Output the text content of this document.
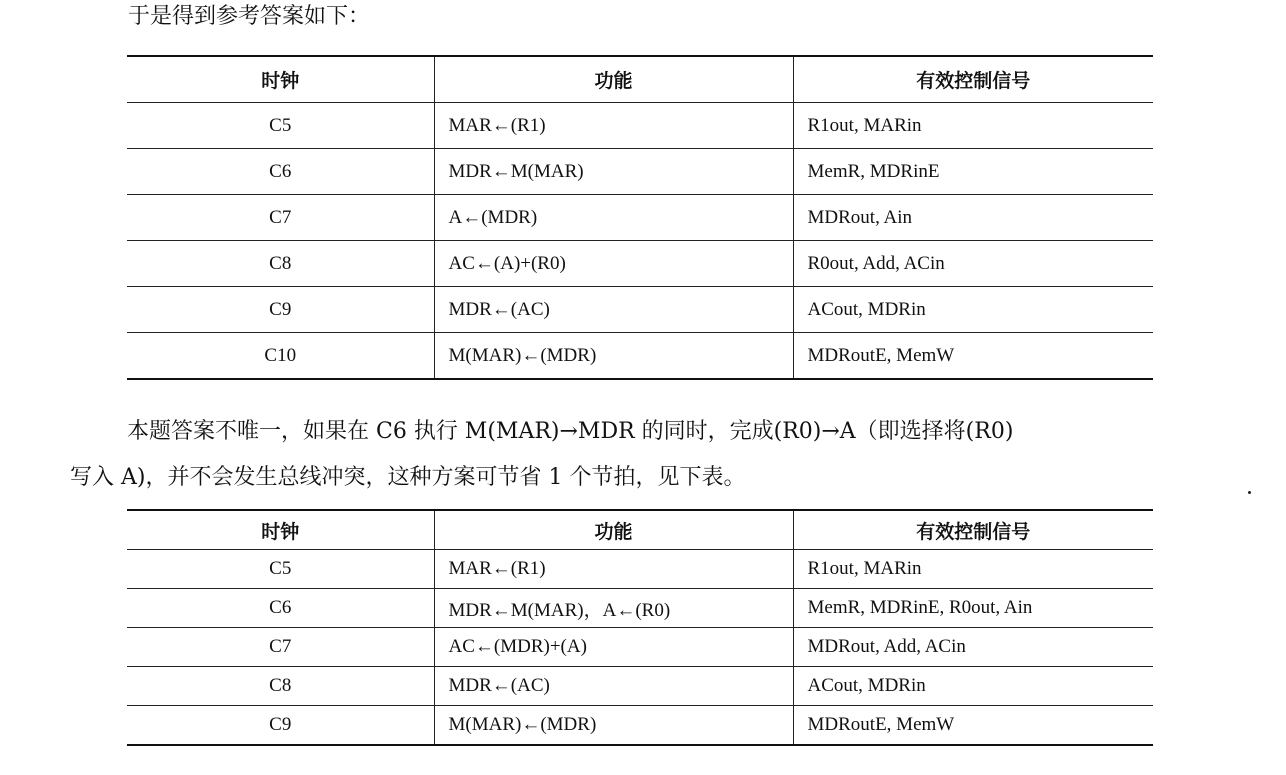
于是得到参考答案如下：
时钟	功能	有效控制信号
C5	MAR←(R1)	R1out, MARin
C6	MDR←M(MAR)	MemR, MDRinE
C7	A←(MDR)	MDRout, Ain
C8	AC←(A)+(R0)	R0out, Add, ACin
C9	MDR←(AC)	ACout, MDRin
C10	M(MAR)←(MDR)	MDRoutE, MemW
本题答案不唯一，如果在 C6 执行 M(MAR)→MDR 的同时，完成(R0)→A（即选择将(R0)
写入 A)，并不会发生总线冲突，这种方案可节省 1 个节拍，见下表。
时钟	功能	有效控制信号
C5	MAR←(R1)	R1out, MARin
C6	MDR←M(MAR)，A←(R0)	MemR, MDRinE, R0out, Ain
C7	AC←(MDR)+(A)	MDRout, Add, ACin
C8	MDR←(AC)	ACout, MDRin
C9	M(MAR)←(MDR)	MDRoutE, MemW
